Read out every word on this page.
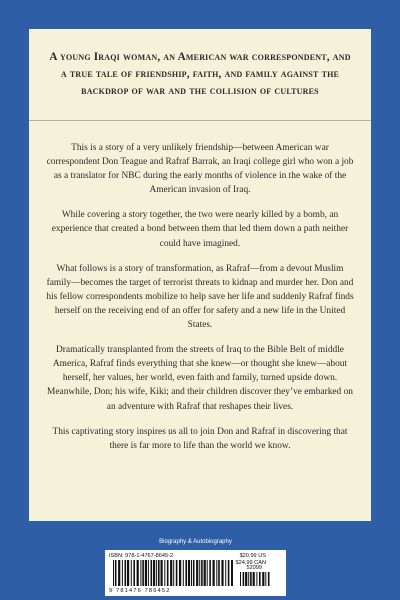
A young Iraqi woman, an American war correspondent, and a true tale of friendship, faith, and family against the backdrop of war and the collision of cultures

This is a story of a very unlikely friendship—between American war correspondent Don Teague and Rafraf Barrak, an Iraqi college girl who won a job as a translator for NBC during the early months of violence in the wake of the American invasion of Iraq.

While covering a story together, the two were nearly killed by a bomb, an experience that created a bond between them that led them down a path neither could have imagined.

What follows is a story of transformation, as Rafraf—from a devout Muslim family—becomes the target of terrorist threats to kidnap and murder her. Don and his fellow correspondents mobilize to help save her life and suddenly Rafraf finds herself on the receiving end of an offer for safety and a new life in the United States.

Dramatically transplanted from the streets of Iraq to the Bible Belt of middle America, Rafraf finds everything that she knew—or thought she knew—about herself, her values, her world, even faith and family, turned upside down. Meanwhile, Don; his wife, Kiki; and their children discover they’ve embarked on an adventure with Rafraf that reshapes their lives.

This captivating story inspires us all to join Don and Rafraf in discovering that there is far more to life than the world we know.

Biography & Autobiography
ISBN: 978-1-4767-8645-2	$20.99 US
$24.99 CAN
52099
9 781476 786452
